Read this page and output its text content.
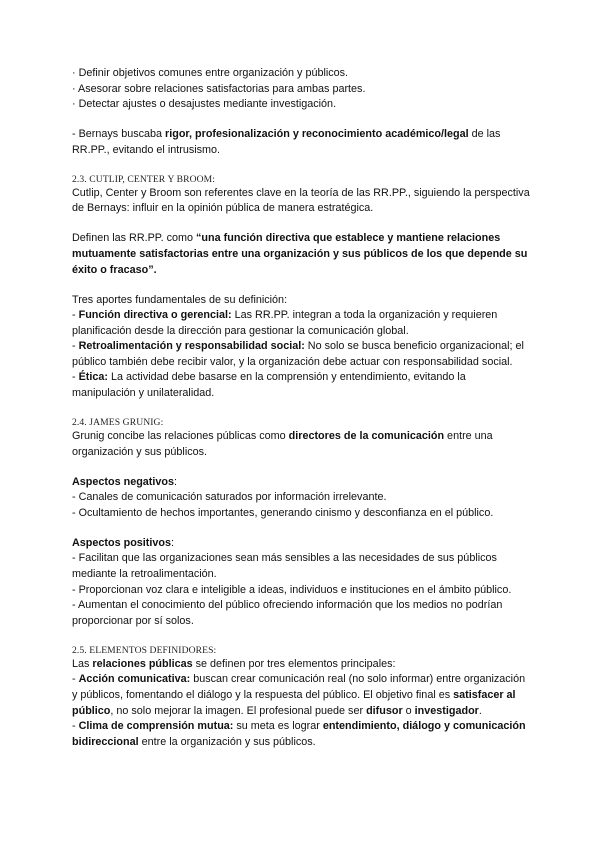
· Definir objetivos comunes entre organización y públicos.

· Asesorar sobre relaciones satisfactorias para ambas partes.

· Detectar ajustes o desajustes mediante investigación.

- Bernays buscaba rigor, profesionalización y reconocimiento académico/legal de las RR.PP., evitando el intrusismo.

2.3. CUTLIP, CENTER Y BROOM:

Cutlip, Center y Broom son referentes clave en la teoría de las RR.PP., siguiendo la perspectiva de Bernays: influir en la opinión pública de manera estratégica.

Definen las RR.PP. como “una función directiva que establece y mantiene relaciones mutuamente satisfactorias entre una organización y sus públicos de los que depende su éxito o fracaso”.

Tres aportes fundamentales de su definición:

- Función directiva o gerencial: Las RR.PP. integran a toda la organización y requieren planificación desde la dirección para gestionar la comunicación global.

- Retroalimentación y responsabilidad social: No solo se busca beneficio organizacional; el público también debe recibir valor, y la organización debe actuar con responsabilidad social.

- Ética: La actividad debe basarse en la comprensión y entendimiento, evitando la manipulación y unilateralidad.

2.4. JAMES GRUNIG:

Grunig concibe las relaciones públicas como directores de la comunicación entre una organización y sus públicos.

Aspectos negativos:

- Canales de comunicación saturados por información irrelevante.

- Ocultamiento de hechos importantes, generando cinismo y desconfianza en el público.

Aspectos positivos:

- Facilitan que las organizaciones sean más sensibles a las necesidades de sus públicos mediante la retroalimentación.

- Proporcionan voz clara e inteligible a ideas, individuos e instituciones en el ámbito público.

- Aumentan el conocimiento del público ofreciendo información que los medios no podrían proporcionar por sí solos.

2.5. ELEMENTOS DEFINIDORES:

Las relaciones públicas se definen por tres elementos principales:

- Acción comunicativa: buscan crear comunicación real (no solo informar) entre organización y públicos, fomentando el diálogo y la respuesta del público. El objetivo final es satisfacer al público, no solo mejorar la imagen. El profesional puede ser difusor o investigador.

- Clima de comprensión mutua: su meta es lograr entendimiento, diálogo y comunicación bidireccional entre la organización y sus públicos.
